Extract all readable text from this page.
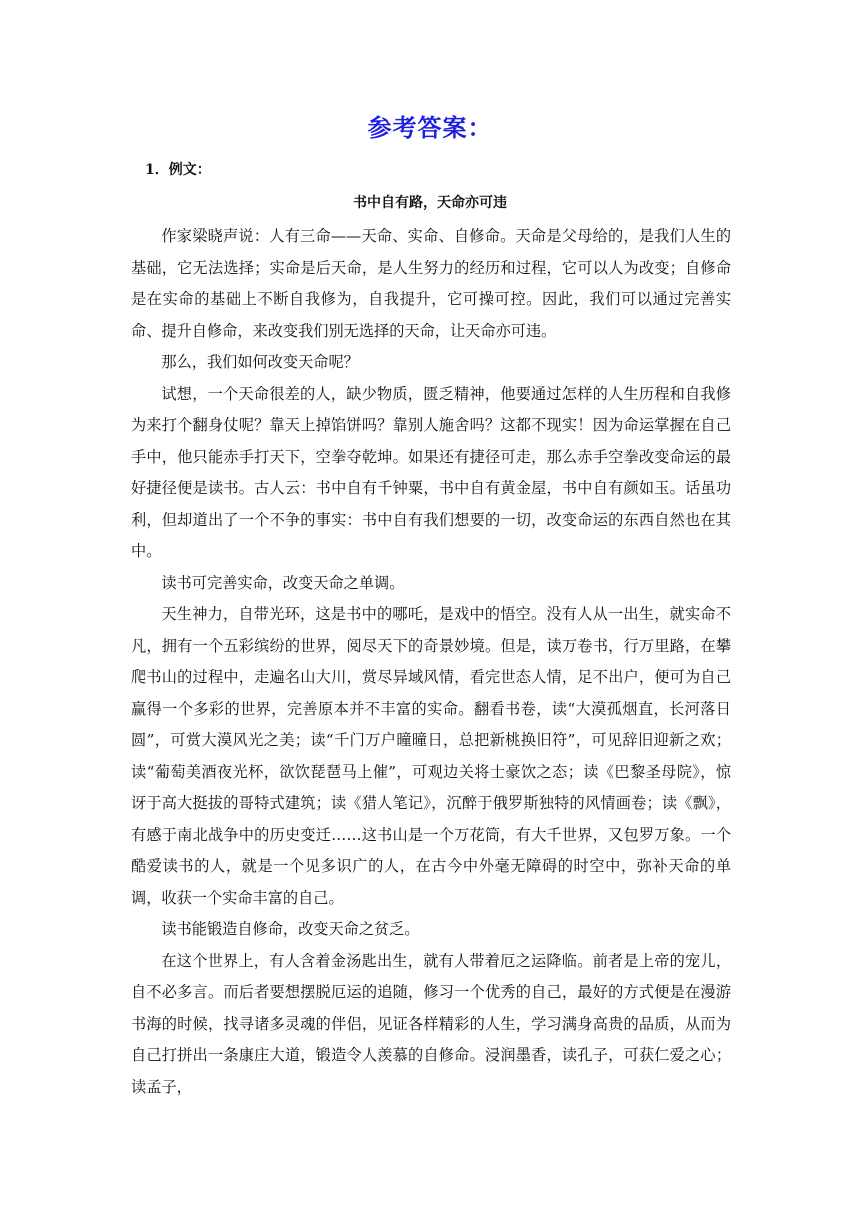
参考答案：
1．例文：
书中自有路，天命亦可违

作家梁晓声说：人有三命——天命、实命、自修命。天命是父母给的，是我们人生的基础，它无法选择；实命是后天命，是人生努力的经历和过程，它可以人为改变；自修命是在实命的基础上不断自我修为，自我提升，它可操可控。因此，我们可以通过完善实命、提升自修命，来改变我们别无选择的天命，让天命亦可违。

那么，我们如何改变天命呢？

试想，一个天命很差的人，缺少物质，匮乏精神，他要通过怎样的人生历程和自我修为来打个翻身仗呢？靠天上掉馅饼吗？靠别人施舍吗？这都不现实！因为命运掌握在自己手中，他只能赤手打天下，空拳夺乾坤。如果还有捷径可走，那么赤手空拳改变命运的最好捷径便是读书。古人云：书中自有千钟粟，书中自有黄金屋，书中自有颜如玉。话虽功利，但却道出了一个不争的事实：书中自有我们想要的一切，改变命运的东西自然也在其中。

读书可完善实命，改变天命之单调。

天生神力，自带光环，这是书中的哪吒，是戏中的悟空。没有人从一出生，就实命不凡，拥有一个五彩缤纷的世界，阅尽天下的奇景妙境。但是，读万卷书，行万里路，在攀爬书山的过程中，走遍名山大川，赏尽异域风情，看完世态人情，足不出户，便可为自己赢得一个多彩的世界，完善原本并不丰富的实命。翻看书卷，读“大漠孤烟直，长河落日圆”，可赏大漠风光之美；读“千门万户曈曈日，总把新桃换旧符”，可见辞旧迎新之欢；读“葡萄美酒夜光杯，欲饮琵琶马上催”，可观边关将士豪饮之态；读《巴黎圣母院》，惊讶于高大挺拔的哥特式建筑；读《猎人笔记》，沉醉于俄罗斯独特的风情画卷；读《飘》，有感于南北战争中的历史变迁……这书山是一个万花筒，有大千世界，又包罗万象。一个酷爱读书的人，就是一个见多识广的人，在古今中外毫无障碍的时空中，弥补天命的单调，收获一个实命丰富的自己。

读书能锻造自修命，改变天命之贫乏。

在这个世界上，有人含着金汤匙出生，就有人带着厄之运降临。前者是上帝的宠儿，自不必多言。而后者要想摆脱厄运的追随，修习一个优秀的自己，最好的方式便是在漫游书海的时候，找寻诸多灵魂的伴侣，见证各样精彩的人生，学习满身高贵的品质，从而为自己打拼出一条康庄大道，锻造令人羡慕的自修命。浸润墨香，读孔子，可获仁爱之心；读孟子，
